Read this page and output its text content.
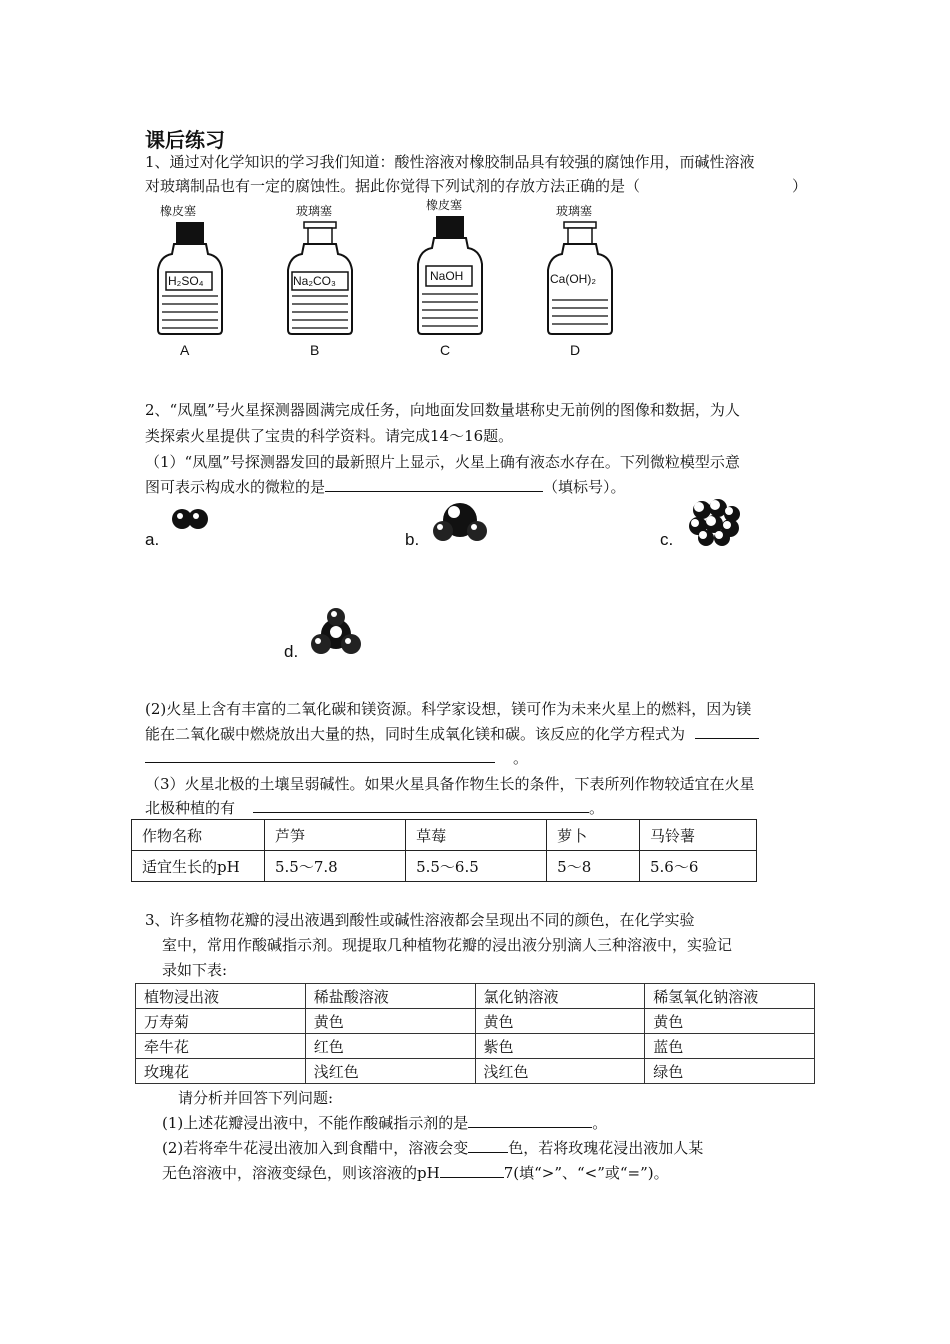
课后练习
1、通过对化学知识的学习我们知道：酸性溶液对橡胶制品具有较强的腐蚀作用，而碱性溶液
对玻璃制品也有一定的腐蚀性。据此你觉得下列试剂的存放方法正确的是（	）
橡皮塞
H₂SO₄
A
玻璃塞
Na₂CO₃
B
橡皮塞
NaOH
C
玻璃塞
Ca(OH)₂
D
2、“凤凰”号火星探测器圆满完成任务，向地面发回数量堪称史无前例的图像和数据，为人
类探索火星提供了宝贵的科学资料。请完成14～16题。
（1）“凤凰”号探测器发回的最新照片上显示，火星上确有液态水存在。下列微粒模型示意
图可表示构成水的微粒的是	（填标号）。
a.	b.	c.
d.
(2)火星上含有丰富的二氧化碳和镁资源。科学家设想，镁可作为未来火星上的燃料，因为镁
能在二氧化碳中燃烧放出大量的热，同时生成氧化镁和碳。该反应的化学方程式为
。
（3）火星北极的土壤呈弱碱性。如果火星具备作物生长的条件，下表所列作物较适宜在火星
北极种植的有	。
作物名称	芦笋	草莓	萝卜	马铃薯
适宜生长的pH	5.5～7.8	5.5～6.5	5～8	5.6～6
3、许多植物花瓣的浸出液遇到酸性或碱性溶液都会呈现出不同的颜色，在化学实验
室中，常用作酸碱指示剂。现提取几种植物花瓣的浸出液分别滴人三种溶液中，实验记
录如下表:
植物浸出液	稀盐酸溶液	氯化钠溶液	稀氢氧化钠溶液
万寿菊	黄色	黄色	黄色
牵牛花	红色	紫色	蓝色
玫瑰花	浅红色	浅红色	绿色
请分析并回答下列问题:
(1)上述花瓣浸出液中，不能作酸碱指示剂的是	。
(2)若将牵牛花浸出液加入到食醋中，溶液会变	色，若将玫瑰花浸出液加人某
无色溶液中，溶液变绿色，则该溶液的pH	7(填“>”、“<”或“=”)。
